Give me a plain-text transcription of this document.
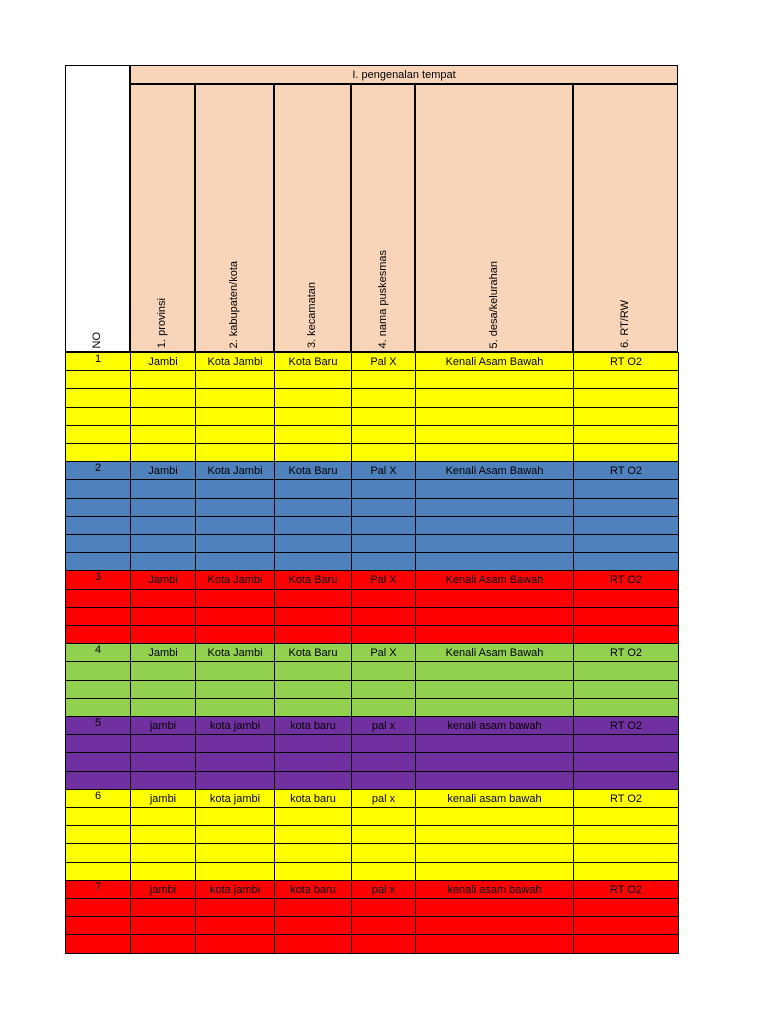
NO
I. pengenalan tempat
1. provinsi	2. kabupaten/kota	3. kecamatan	4. nama puskesmas	5. desa/kelurahan	6. RT/RW
1	Jambi	Kota Jambi	Kota Baru	Pal X	Kenali Asam Bawah	RT O2
2	Jambi	Kota Jambi	Kota Baru	Pal X	Kenali Asam Bawah	RT O2
3	Jambi	Kota Jambi	Kota Baru	Pal X	Kenali Asam Bawah	RT O2
4	Jambi	Kota Jambi	Kota Baru	Pal X	Kenali Asam Bawah	RT O2
5	jambi	kota jambi	kota baru	pal x	kenali asam bawah	RT O2
6	jambi	kota jambi	kota baru	pal x	kenali asam bawah	RT O2
7	jambi	kota jambi	kota baru	pal x	kenali asam bawah	RT O2
